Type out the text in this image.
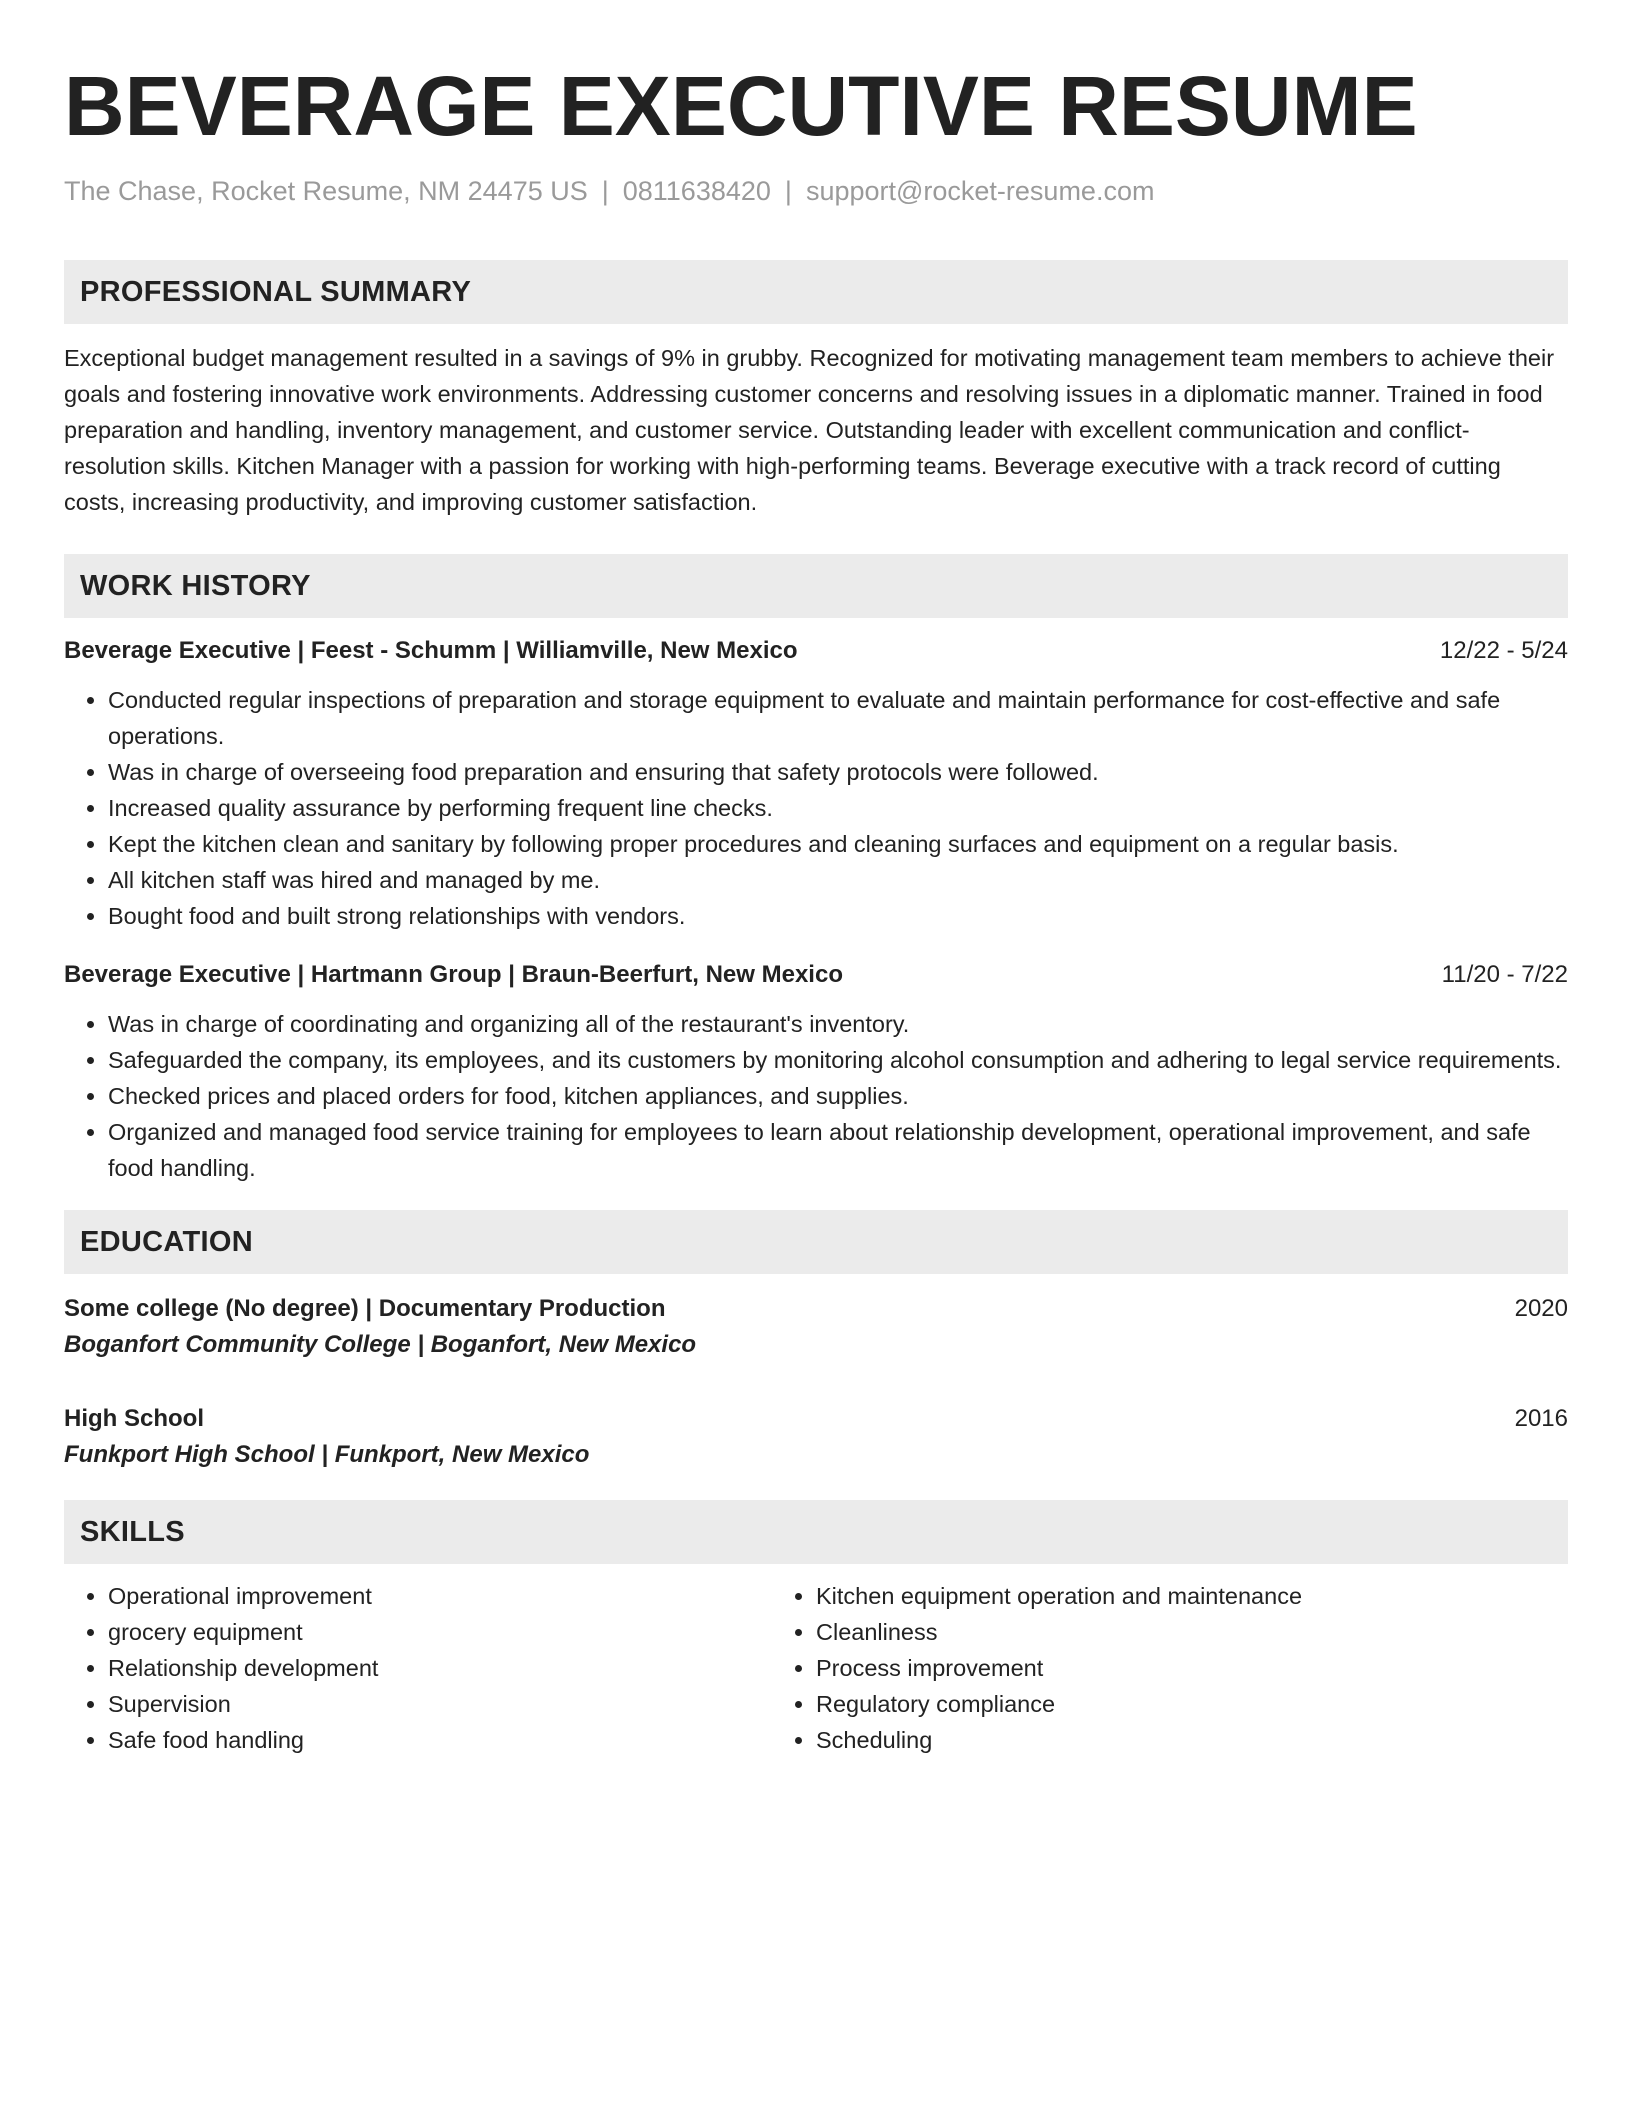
BEVERAGE EXECUTIVE RESUME
The Chase, Rocket Resume, NM 24475 US | 0811638420 | support@rocket-resume.com
PROFESSIONAL SUMMARY
Exceptional budget management resulted in a savings of 9% in grubby. Recognized for motivating management team members to achieve their goals and fostering innovative work environments. Addressing customer concerns and resolving issues in a diplomatic manner. Trained in food preparation and handling, inventory management, and customer service. Outstanding leader with excellent communication and conflict-resolution skills. Kitchen Manager with a passion for working with high-performing teams. Beverage executive with a track record of cutting costs, increasing productivity, and improving customer satisfaction.
WORK HISTORY
Beverage Executive | Feest - Schumm | Williamville, New Mexico	12/22 - 5/24
• Conducted regular inspections of preparation and storage equipment to evaluate and maintain performance for cost-effective and safe operations.
• Was in charge of overseeing food preparation and ensuring that safety protocols were followed.
• Increased quality assurance by performing frequent line checks.
• Kept the kitchen clean and sanitary by following proper procedures and cleaning surfaces and equipment on a regular basis.
• All kitchen staff was hired and managed by me.
• Bought food and built strong relationships with vendors.
Beverage Executive | Hartmann Group | Braun-Beerfurt, New Mexico	11/20 - 7/22
• Was in charge of coordinating and organizing all of the restaurant's inventory.
• Safeguarded the company, its employees, and its customers by monitoring alcohol consumption and adhering to legal service requirements.
• Checked prices and placed orders for food, kitchen appliances, and supplies.
• Organized and managed food service training for employees to learn about relationship development, operational improvement, and safe food handling.
EDUCATION
Some college (No degree) | Documentary Production	2020
Boganfort Community College | Boganfort, New Mexico
High School	2016
Funkport High School | Funkport, New Mexico
SKILLS
• Operational improvement
• grocery equipment
• Relationship development
• Supervision
• Safe food handling
• Kitchen equipment operation and maintenance
• Cleanliness
• Process improvement
• Regulatory compliance
• Scheduling
